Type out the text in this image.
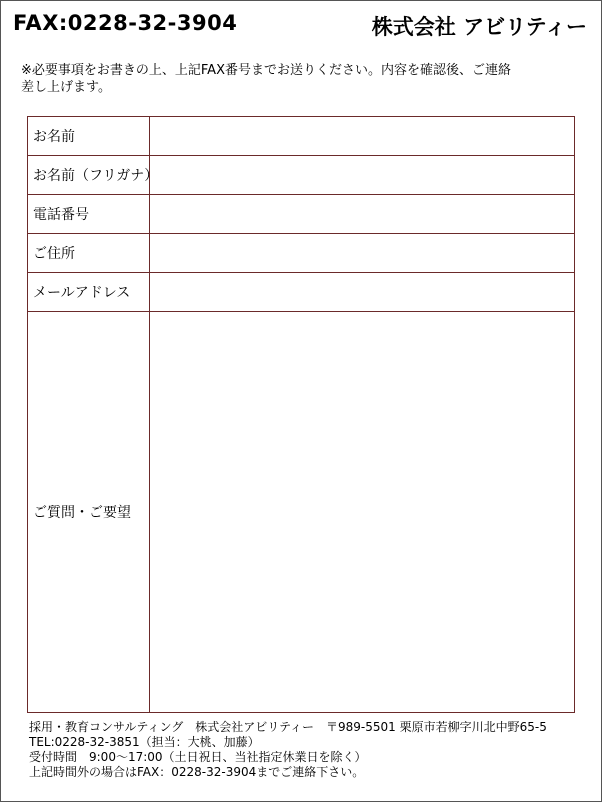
FAX:0228-32-3904	株式会社 アビリティー
※必要事項をお書きの上、上記FAX番号までお送りください。内容を確認後、ご連絡
差し上げます。
お名前	
お名前（フリガナ）	
電話番号	
ご住所	
メールアドレス	
ご質問・ご要望	
採用・教育コンサルティング　株式会社アビリティー　〒989-5501 栗原市若柳字川北中野65-5
TEL:0228-32-3851（担当：大桃、加藤）
受付時間　9:00～17:00（土日祝日、当社指定休業日を除く）
上記時間外の場合はFAX：0228-32-3904までご連絡下さい。
